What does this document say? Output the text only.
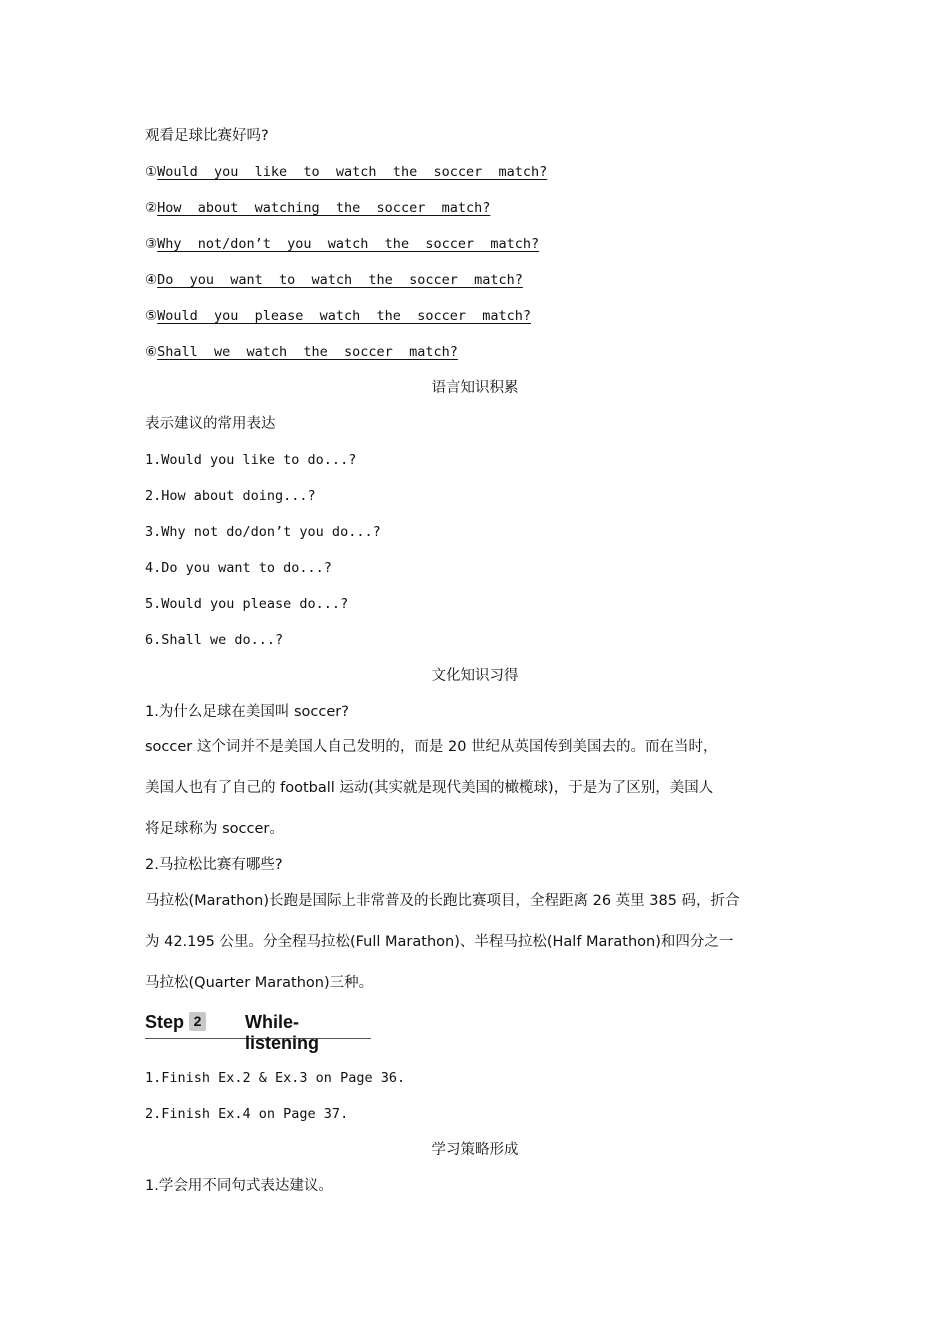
观看足球比赛好吗?
①Would  you  like  to  watch  the  soccer  match?
②How  about  watching  the  soccer  match?
③Why  not/don’t  you  watch  the  soccer  match?
④Do  you  want  to  watch  the  soccer  match?
⑤Would  you  please  watch  the  soccer  match?
⑥Shall  we  watch  the  soccer  match?
语言知识积累
表示建议的常用表达
1.Would you like to do...?
2.How about doing...?
3.Why not do/don’t you do...?
4.Do you want to do...?
5.Would you please do...?
6.Shall we do...?
文化知识习得
1.为什么足球在美国叫 soccer?
soccer 这个词并不是美国人自己发明的，而是 20 世纪从英国传到美国去的。而在当时，
美国人也有了自己的 football 运动(其实就是现代美国的橄榄球)，于是为了区别，美国人
将足球称为 soccer。
2.马拉松比赛有哪些?
马拉松(Marathon)长跑是国际上非常普及的长跑比赛项目，全程距离 26 英里 385 码，折合
为 42.195 公里。分全程马拉松(Full Marathon)、半程马拉松(Half Marathon)和四分之一
马拉松(Quarter Marathon)三种。
Step 2 While-listening
1.Finish Ex.2 & Ex.3 on Page 36.
2.Finish Ex.4 on Page 37.
学习策略形成
1.学会用不同句式表达建议。
